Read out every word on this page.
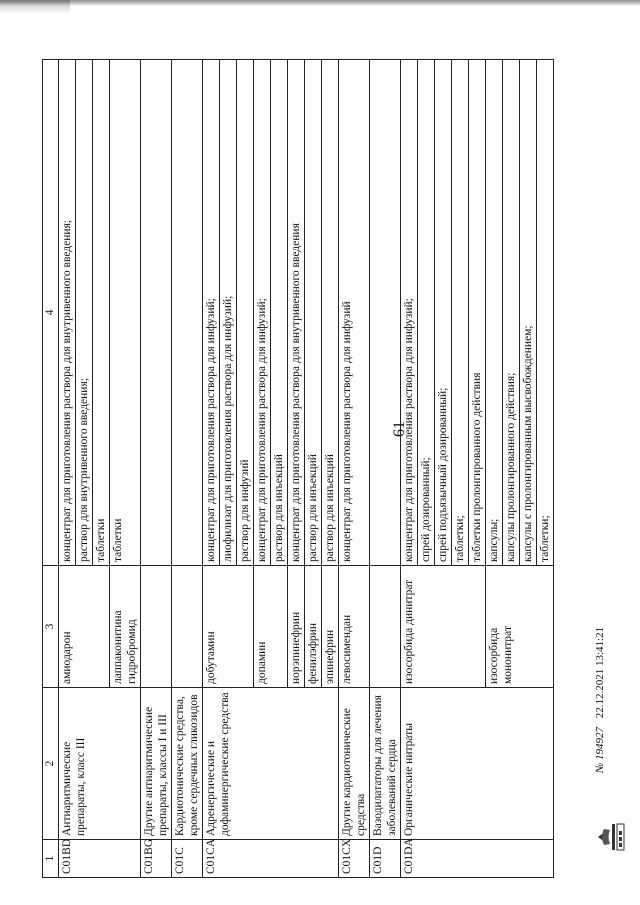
61
1	2	3	4
C01BD	Антиаритмические препараты, класс III	амиодарон	концентрат для приготовления раствора для внутривенного введения;
			раствор для внутривенного введения;
			таблетки
		лаппаконитина гидробромид	таблетки
C01BG	Другие антиаритмические препараты, классы I и III		
C01C	Кардиотонические средства, кроме сердечных гликозидов		
C01CA	Адренергические и дофаминергические средства	добутамин	концентрат для приготовления раствора для инфузий;
			лиофилизат для приготовления раствора для инфузий;
			раствор для инфузий
		допамин	концентрат для приготовления раствора для инфузий;
			раствор для инъекций
		норэпинефрин	концентрат для приготовления раствора для внутривенного введения
		фенилэфрин	раствор для инъекций
		эпинефрин	раствор для инъекций
C01CX	Другие кардиотонические средства	левосимендан	концентрат для приготовления раствора для инфузий
C01D	Вазодилататоры для лечения заболеваний сердца		
C01DA	Органические нитраты	изосорбида динитрат	концентрат для приготовления раствора для инфузий;
			спрей дозированный;
			спрей подъязычный дозированный;
			таблетки;
			таблетки пролонгированного действия
		изосорбида мононитрат	капсулы;
			капсулы пролонгированного действия;
			капсулы с пролонгированным высвобождением;
			таблетки;
№ 194927 22.12.2021 13:41:21
